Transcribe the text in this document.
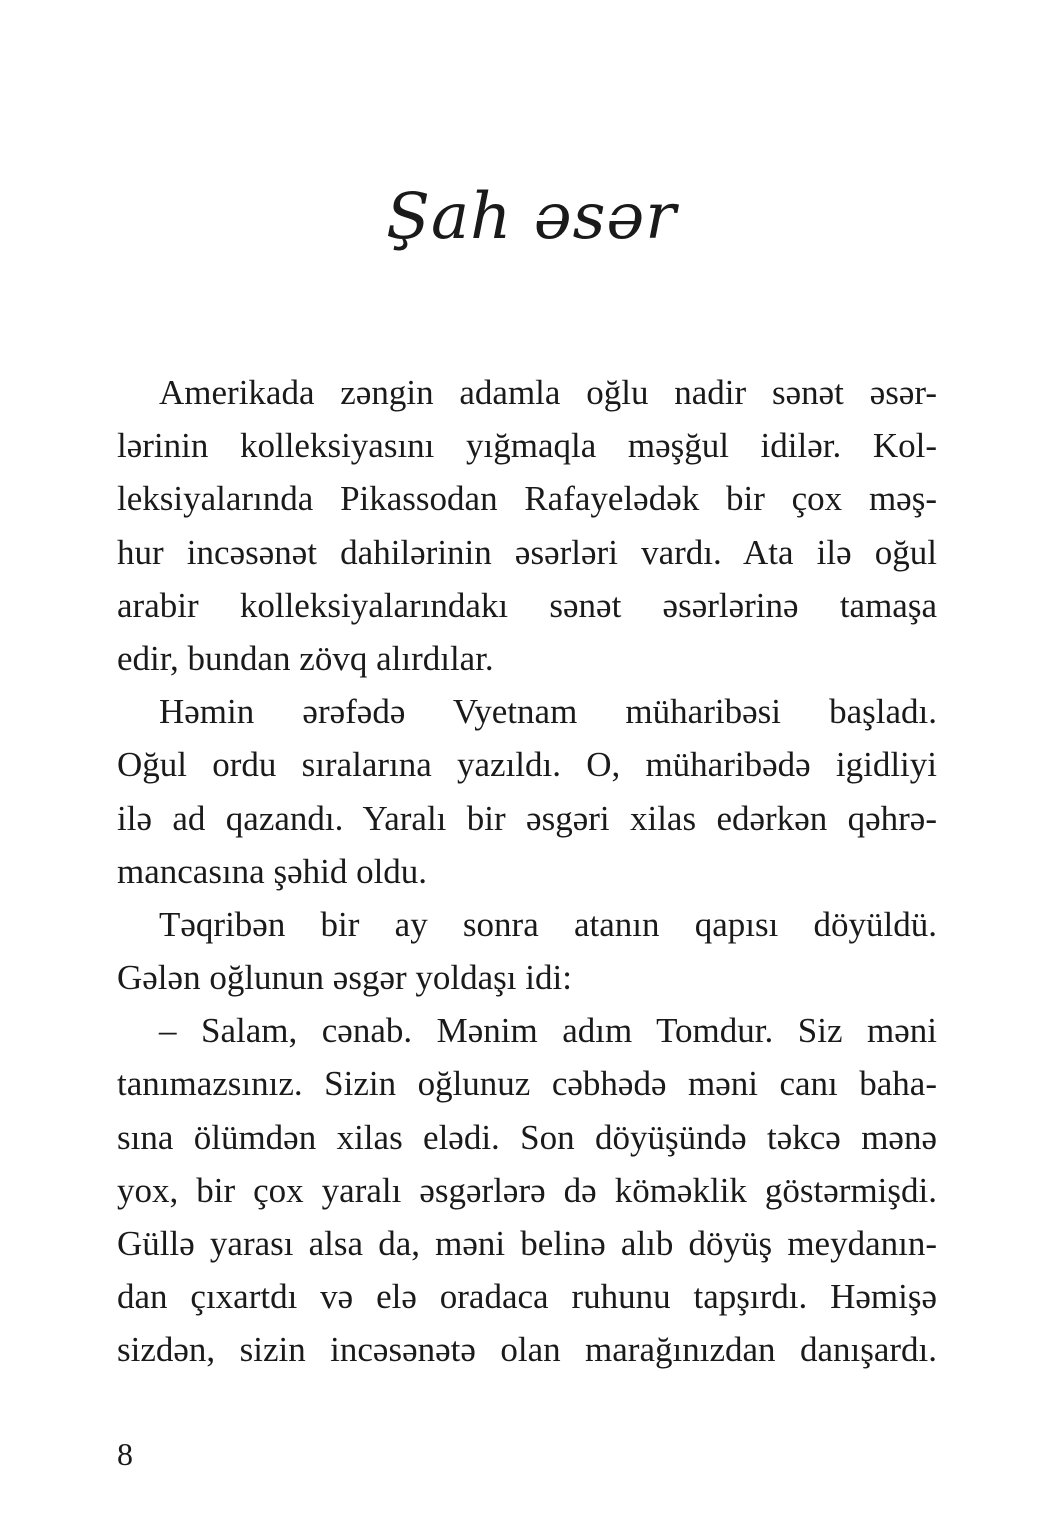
Şah əsər
Amerikada zəngin adamla oğlu nadir sənət əsər-
lərinin kolleksiyasını yığmaqla məşğul idilər. Kol-
leksiyalarında Pikassodan Rafayelədək bir çox məş-
hur incəsənət dahilərinin əsərləri vardı. Ata ilə oğul
arabir kolleksiyalarındakı sənət əsərlərinə tamaşa
edir, bundan zövq alırdılar.
Həmin ərəfədə Vyetnam müharibəsi başladı.
Oğul ordu sıralarına yazıldı. O, müharibədə igidliyi
ilə ad qazandı. Yaralı bir əsgəri xilas edərkən qəhrə-
mancasına şəhid oldu.
Təqribən bir ay sonra atanın qapısı döyüldü.
Gələn oğlunun əsgər yoldaşı idi:
– Salam, cənab. Mənim adım Tomdur. Siz məni
tanımazsınız. Sizin oğlunuz cəbhədə məni canı baha-
sına ölümdən xilas elədi. Son döyüşündə təkcə mənə
yox, bir çox yaralı əsgərlərə də köməklik göstərmişdi.
Güllə yarası alsa da, məni belinə alıb döyüş meydanın-
dan çıxartdı və elə oradaca ruhunu tapşırdı. Həmişə
sizdən, sizin incəsənətə olan marağınızdan danışardı.
8
